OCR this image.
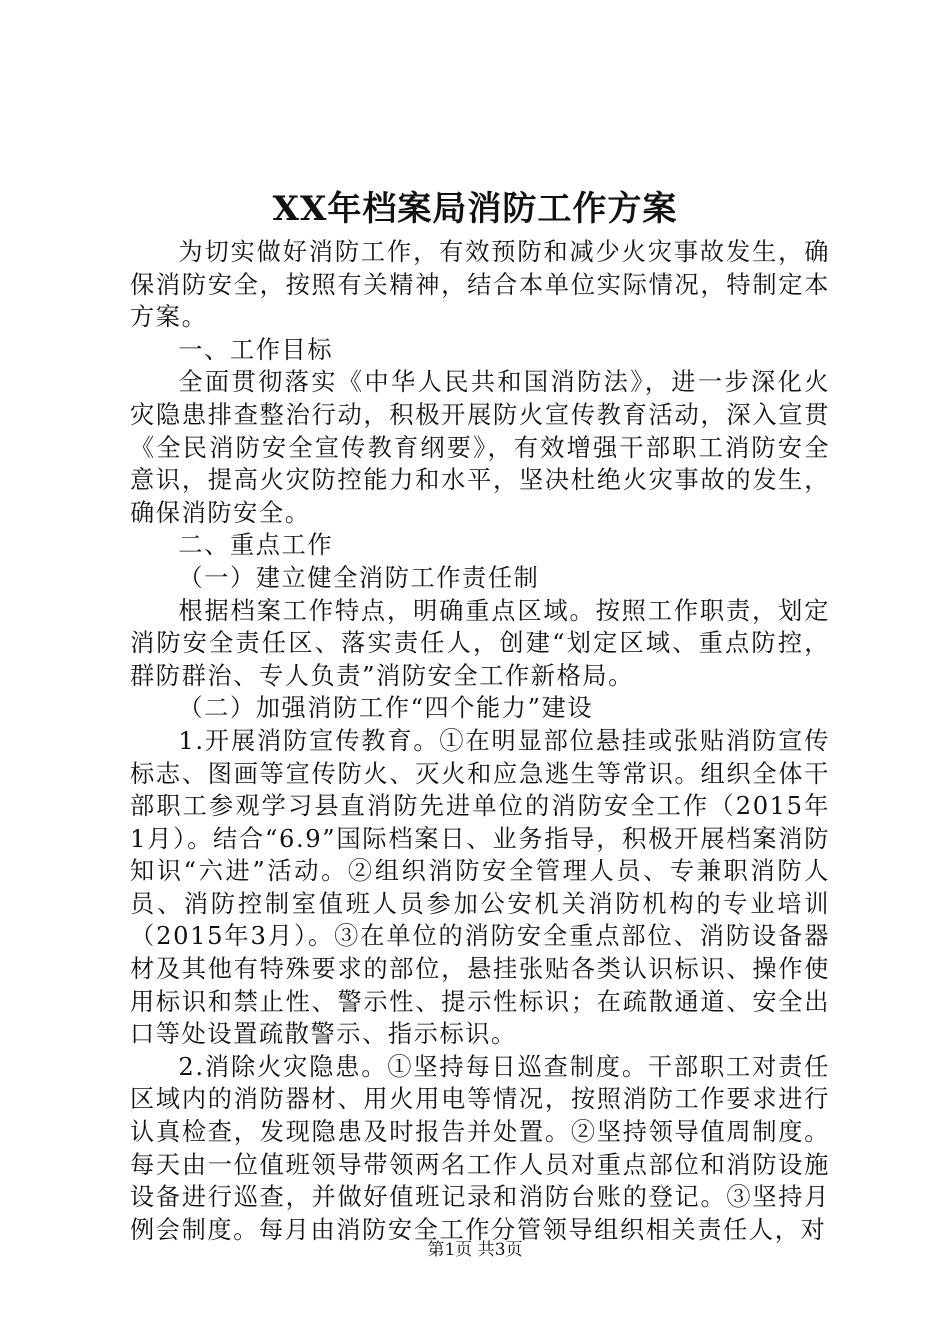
XX年档案局消防工作方案

为切实做好消防工作，有效预防和减少火灾事故发生，确保消防安全，按照有关精神，结合本单位实际情况，特制定本方案。

一、工作目标

全面贯彻落实《中华人民共和国消防法》，进一步深化火灾隐患排查整治行动，积极开展防火宣传教育活动，深入宣贯《全民消防安全宣传教育纲要》，有效增强干部职工消防安全意识，提高火灾防控能力和水平，坚决杜绝火灾事故的发生，确保消防安全。

二、重点工作

（一）建立健全消防工作责任制

根据档案工作特点，明确重点区域。按照工作职责，划定消防安全责任区、落实责任人，创建“划定区域、重点防控，群防群治、专人负责”消防安全工作新格局。

（二）加强消防工作“四个能力”建设

1.开展消防宣传教育。①在明显部位悬挂或张贴消防宣传标志、图画等宣传防火、灭火和应急逃生等常识。组织全体干部职工参观学习县直消防先进单位的消防安全工作（2015年1月）。结合“6.9”国际档案日、业务指导，积极开展档案消防知识“六进”活动。②组织消防安全管理人员、专兼职消防人员、消防控制室值班人员参加公安机关消防机构的专业培训（2015年3月）。③在单位的消防安全重点部位、消防设备器材及其他有特殊要求的部位，悬挂张贴各类认识标识、操作使用标识和禁止性、警示性、提示性标识；在疏散通道、安全出口等处设置疏散警示、指示标识。

2.消除火灾隐患。①坚持每日巡查制度。干部职工对责任区域内的消防器材、用火用电等情况，按照消防工作要求进行认真检查，发现隐患及时报告并处置。②坚持领导值周制度。每天由一位值班领导带领两名工作人员对重点部位和消防设施设备进行巡查，并做好值班记录和消防台账的登记。③坚持月例会制度。每月由消防安全工作分管领导组织相关责任人，对

第1页 共3页
